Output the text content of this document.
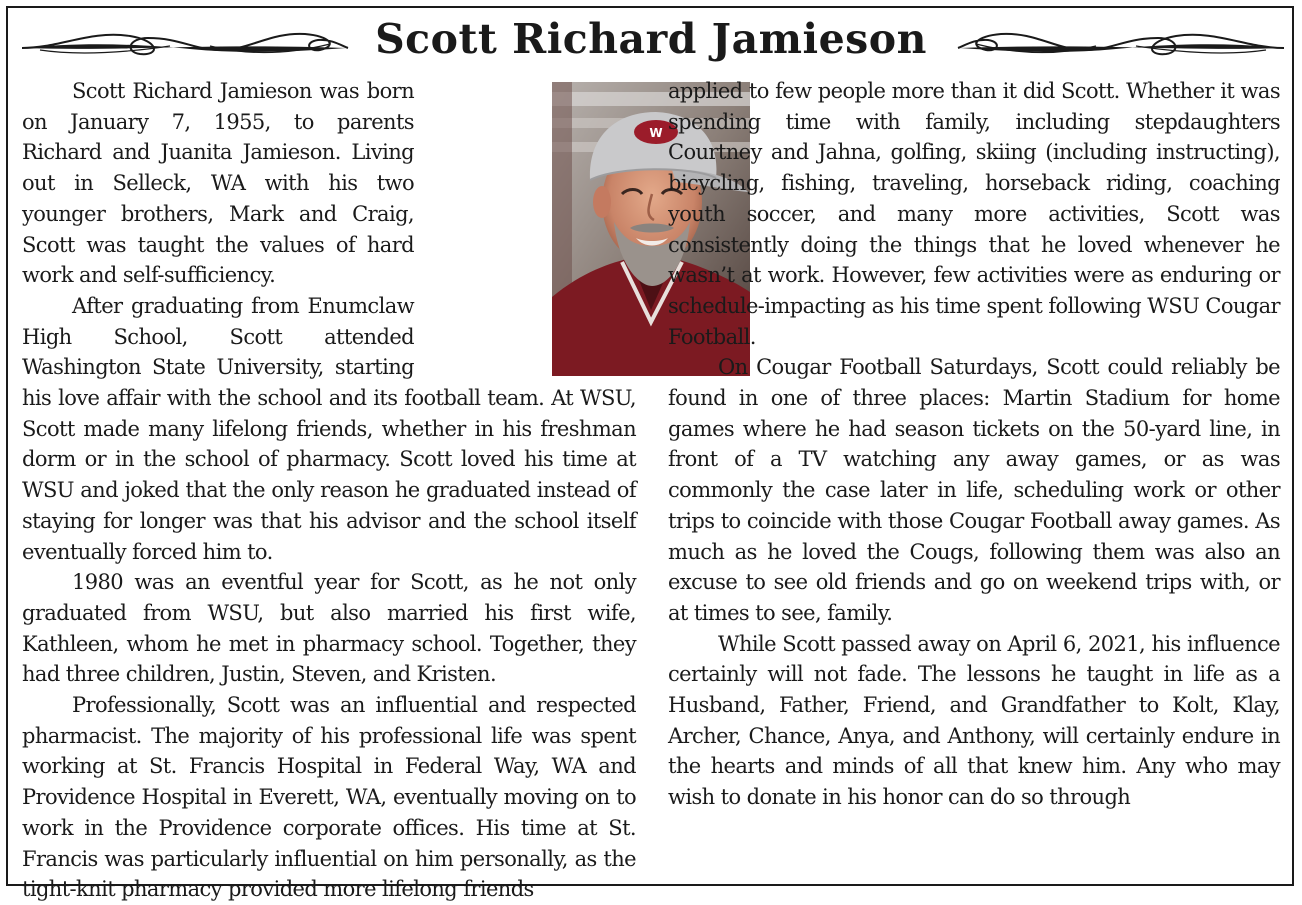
Scott Richard Jamieson

Scott Richard Jamieson was born on January 7, 1955, to parents Richard and Juanita Jamieson. Living out in Selleck, WA with his two younger brothers, Mark and Craig, Scott was taught the values of hard work and self-sufficiency.

After graduating from Enumclaw High School, Scott attended Washington State University, starting his love affair with the school and its football team. At WSU, Scott made many lifelong friends, whether in his freshman dorm or in the school of pharmacy. Scott loved his time at WSU and joked that the only reason he graduated instead of staying for longer was that his advisor and the school itself eventually forced him to.

1980 was an eventful year for Scott, as he not only graduated from WSU, but also married his first wife, Kathleen, whom he met in pharmacy school. Together, they had three children, Justin, Steven, and Kristen.

Professionally, Scott was an influential and respected pharmacist. The majority of his professional life was spent working at St. Francis Hospital in Federal Way, WA and Providence Hospital in Everett, WA, eventually moving on to work in the Providence corporate offices. His time at St. Francis was particularly influential on him personally, as the tight-knit pharmacy provided more lifelong friends

W

applied to few people more than it did Scott. Whether it was spending time with family, including stepdaughters Courtney and Jahna, golfing, skiing (including instructing), bicycling, fishing, traveling, horseback riding, coaching youth soccer, and many more activities, Scott was consistently doing the things that he loved whenever he wasn’t at work. However, few activities were as enduring or schedule-impacting as his time spent following WSU Cougar Football.

On Cougar Football Saturdays, Scott could reliably be found in one of three places: Martin Stadium for home games where he had season tickets on the 50-yard line, in front of a TV watching any away games, or as was commonly the case later in life, scheduling work or other trips to coincide with those Cougar Football away games. As much as he loved the Cougs, following them was also an excuse to see old friends and go on weekend trips with, or at times to see, family.

While Scott passed away on April 6, 2021, his influence certainly will not fade. The lessons he taught in life as a Husband, Father, Friend, and Grandfather to Kolt, Klay, Archer, Chance, Anya, and Anthony, will certainly endure in the hearts and minds of all that knew him. Any who may wish to donate in his honor can do so through
